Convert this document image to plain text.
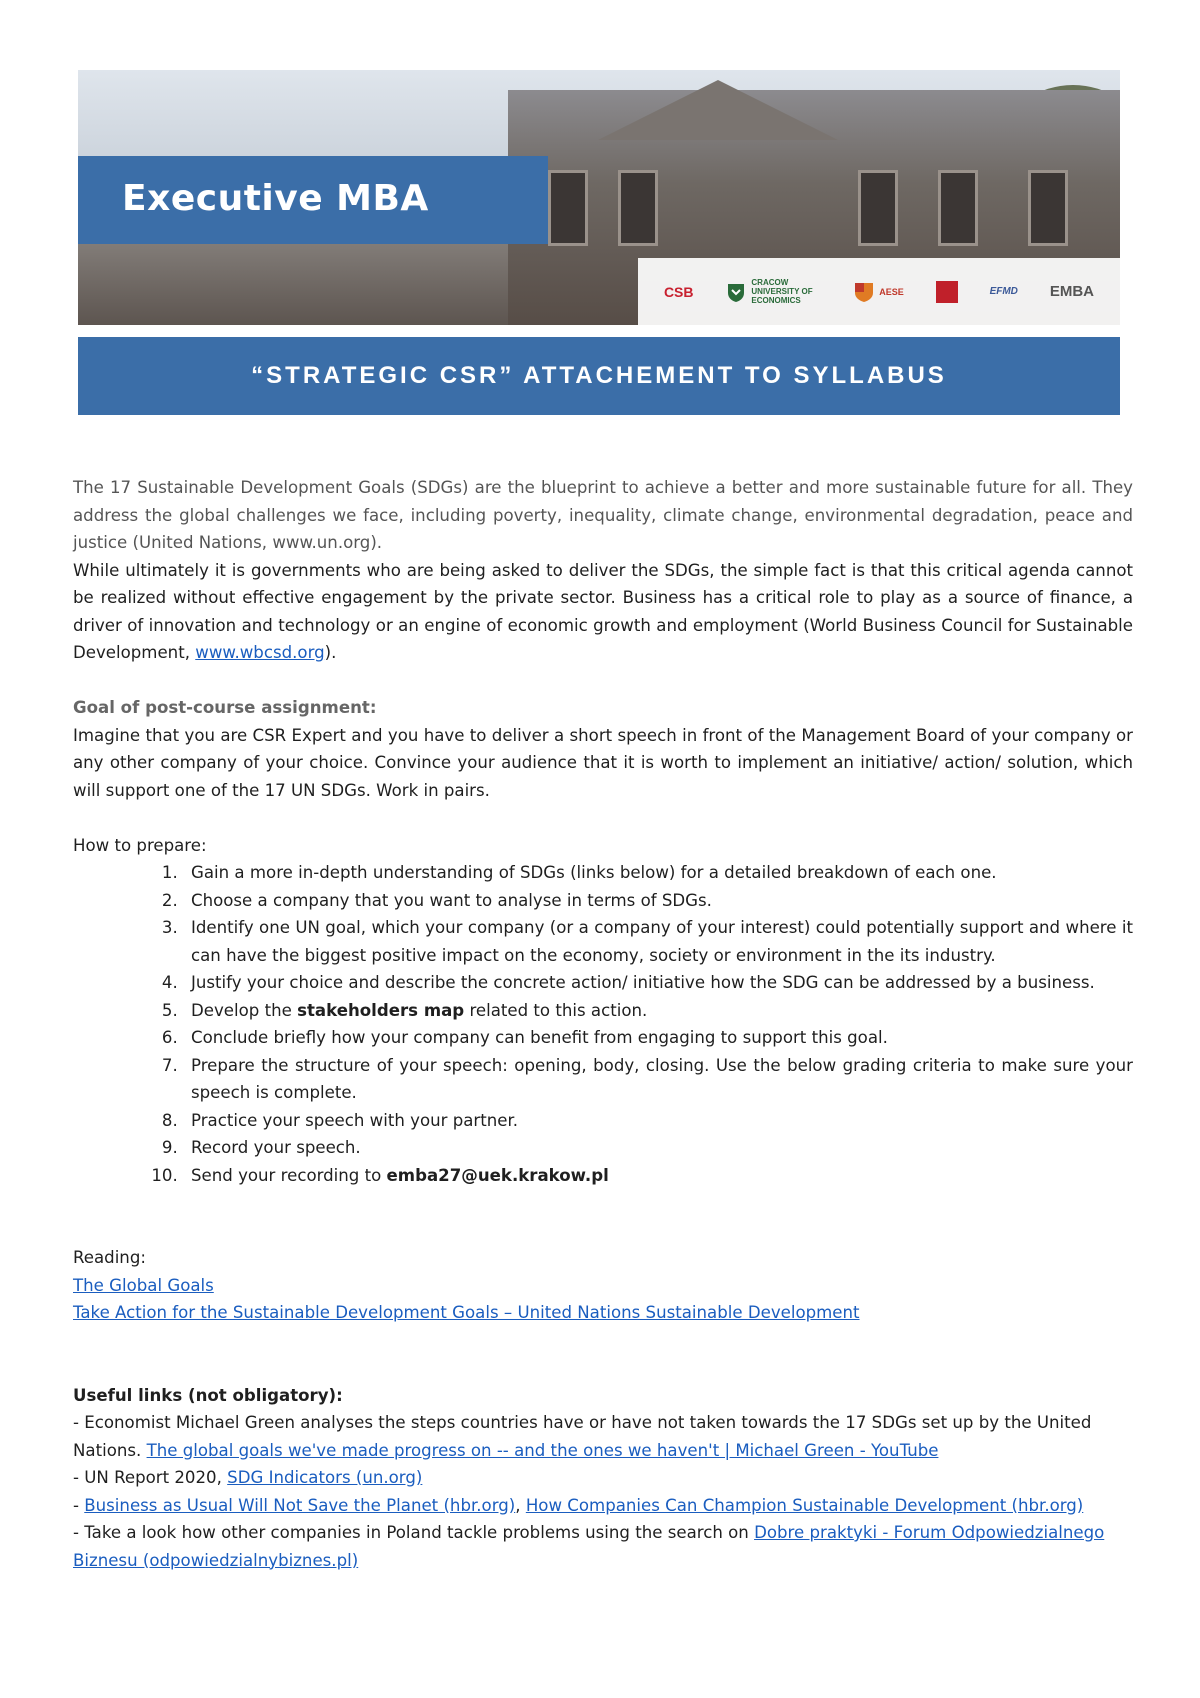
Executive MBA
CSB
CRACOW UNIVERSITY OF ECONOMICS
AESE	EFMD EMBA
“STRATEGIC CSR” ATTACHEMENT TO SYLLABUS

The 17 Sustainable Development Goals (SDGs) are the blueprint to achieve a better and more sustainable future for all. They address the global challenges we face, including poverty, inequality, climate change, environmental degradation, peace and justice (United Nations, www.un.org).

While ultimately it is governments who are being asked to deliver the SDGs, the simple fact is that this critical agenda cannot be realized without effective engagement by the private sector. Business has a critical role to play as a source of finance, a driver of innovation and technology or an engine of economic growth and employment (World Business Council for Sustainable Development, www.wbcsd.org).

Goal of post-course assignment:

Imagine that you are CSR Expert and you have to deliver a short speech in front of the Management Board of your company or any other company of your choice. Convince your audience that it is worth to implement an initiative/ action/ solution, which will support one of the 17 UN SDGs. Work in pairs.

How to prepare:

1. Gain a more in-depth understanding of SDGs (links below) for a detailed breakdown of each one.
2. Choose a company that you want to analyse in terms of SDGs.
3. Identify one UN goal, which your company (or a company of your interest) could potentially support and where it can have the biggest positive impact on the economy, society or environment in the its industry.
4. Justify your choice and describe the concrete action/ initiative how the SDG can be addressed by a business.
5. Develop the stakeholders map related to this action.
6. Conclude briefly how your company can benefit from engaging to support this goal.
7. Prepare the structure of your speech: opening, body, closing. Use the below grading criteria to make sure your speech is complete.
8. Practice your speech with your partner.
9. Record your speech.
10. Send your recording to emba27@uek.krakow.pl

Reading:

The Global Goals

Take Action for the Sustainable Development Goals – United Nations Sustainable Development

Useful links (not obligatory):

- Economist Michael Green analyses the steps countries have or have not taken towards the 17 SDGs set up by the United Nations. The global goals we've made progress on -- and the ones we haven't | Michael Green - YouTube

- UN Report 2020, SDG Indicators (un.org)

- Business as Usual Will Not Save the Planet (hbr.org), How Companies Can Champion Sustainable Development (hbr.org)

- Take a look how other companies in Poland tackle problems using the search on Dobre praktyki - Forum Odpowiedzialnego Biznesu (odpowiedzialnybiznes.pl)
